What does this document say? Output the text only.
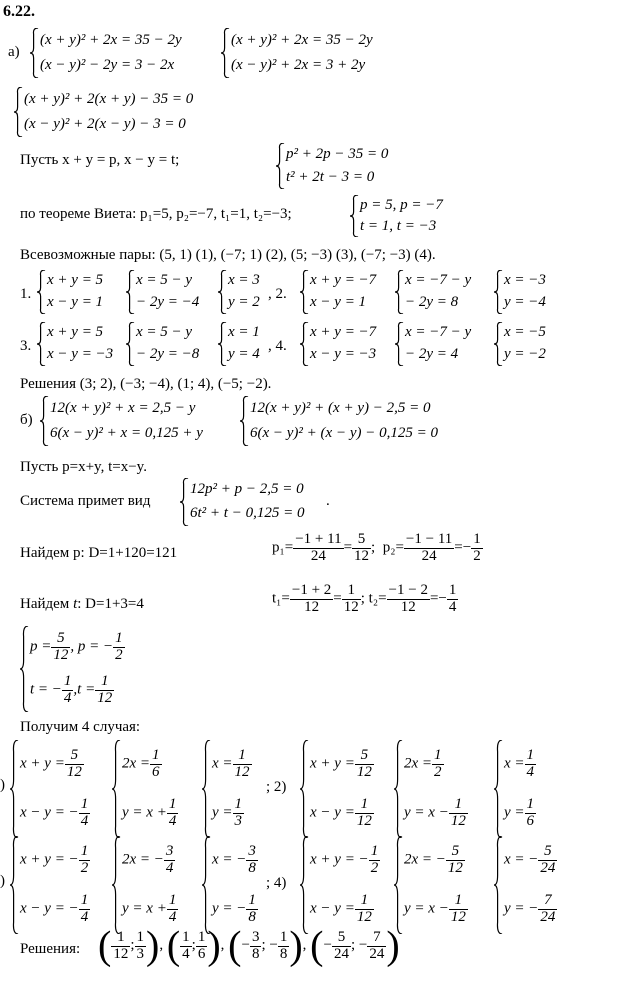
6.22.
а)
(x + y)² + 2x = 35 − 2y
(x − y)² − 2y = 3 − 2x
(x + y)² + 2x = 35 − 2y
(x − y)² + 2x = 3 + 2y
(x + y)² + 2(x + y) − 35 = 0
(x − y)² + 2(x − y) − 3 = 0
Пусть x + y = p, x − y = t;	p² + 2p − 35 = 0
t² + 2t − 3 = 0
по теореме Виета: p₁=5, p₂=−7, t₁=1, t₂=−3;
p = 5, p = −7
t = 1, t = −3
Всевозможные пары: (5, 1) (1), (−7; 1) (2), (5; −3) (3), (−7; −3) (4).
1.
x + y = 5
x − y = 1
x = 5 − y
− 2y = −4
x = 3
y = 2
, 2.
x + y = −7
x − y = 1
x = −7 − y
− 2y = 8
x = −3
y = −4
3.
x + y = 5
x − y = −3
x = 5 − y
− 2y = −8
x = 1
y = 4
, 4.
x + y = −7
x − y = −3
x = −7 − y
− 2y = 4
x = −5
y = −2
Решения (3; 2), (−3; −4), (1; 4), (−5; −2).
б)
12(x + y)² + x = 2,5 − y
6(x − y)² + x = 0,125 + y
12(x + y)² + (x + y) − 2,5 = 0
6(x − y)² + (x − y) − 0,125 = 0
Пусть p=x+y, t=x−y.
Система примет вид
12p² + p − 2,5 = 0
6t² + t − 0,125 = 0
.
Найдем p: D=1+120=121	$p_1= \frac{-1 + 11}{24} = \frac{5}{12}$ ; $p_2= \frac{-1 - 11}{24} =- \frac{1}{2}$
Найдем t: D=1+3=4	$t_1= \frac{-1 + 2}{12} = \frac{1}{12}$ ; $t_2= \frac{-1 - 2}{12} =- \frac{1}{4}$
$p = \frac{5}{12}$ , p = − $\frac{1}{2}$
t = − $\frac{1}{4} ,t = \frac{1}{12}$
Получим 4 случая:
)
$x + y = \frac{5}{12}$
x − y = − $\frac{1}{4}$
$2x = \frac{1}{6}$
$y = x + \frac{1}{4}$
$x = \frac{1}{12}$
$y = \frac{1}{3}$
$x + y = \frac{5}{12}$
$x - y = \frac{1}{12}$
$2x = \frac{1}{2}$
$y = x - \frac{1}{12}$
$x = \frac{1}{4}$
$y = \frac{1}{6}$
; 2)
)
x + y = − $\frac{1}{2}$
x − y = − $\frac{1}{4}$
2x = − $\frac{3}{4}$
$y = x + \frac{1}{4}$
x = − $\frac{3}{8}$
y = − $\frac{1}{8}$
x + y = − $\frac{1}{2}$
$x - y = \frac{1}{12}$
2x = − $\frac{5}{12}$
$y = x - \frac{1}{12}$
x = − $\frac{5}{24}$
y = − $\frac{7}{24}$
; 4)
Решения: ( $\frac{1}{12}$ ; $\frac{1}{3}$ ), ( $\frac{1}{4}$ ; $\frac{1}{6}$ ), (− $\frac{3}{8}$ ; − $\frac{1}{8}$ ), (− $\frac{5}{24}$ ; − $\frac{7}{24}$ )
